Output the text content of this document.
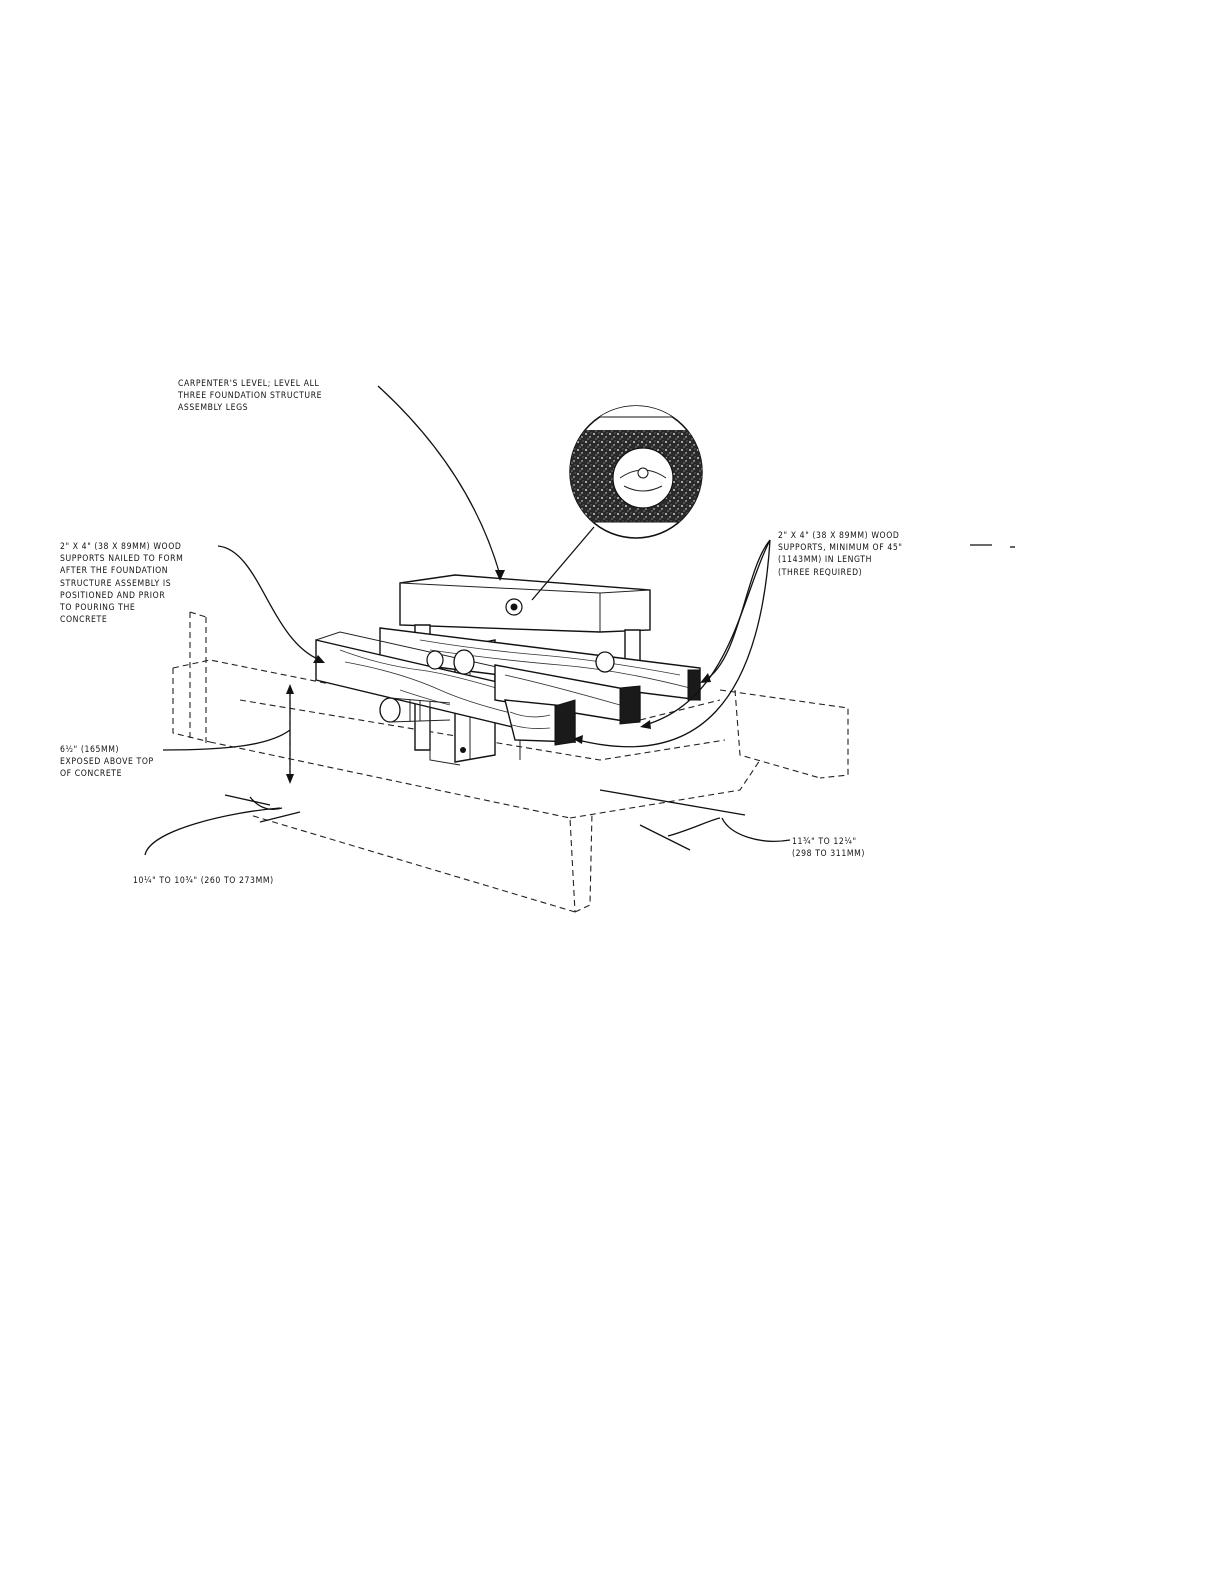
CARPENTER'S LEVEL; LEVEL ALL
THREE FOUNDATION STRUCTURE
ASSEMBLY LEGS
2" X 4" (38 X 89MM) WOOD
SUPPORTS NAILED TO FORM
AFTER THE FOUNDATION
STRUCTURE ASSEMBLY IS
POSITIONED AND PRIOR
TO POURING THE
CONCRETE
2" X 4" (38 X 89MM) WOOD
SUPPORTS, MINIMUM OF 45"
(1143MM) IN LENGTH
(THREE REQUIRED)
6½" (165MM)
EXPOSED ABOVE TOP
OF CONCRETE
11¾" TO 12¼"
(298 TO 311MM)
10¼" TO 10¾" (260 TO 273MM)
